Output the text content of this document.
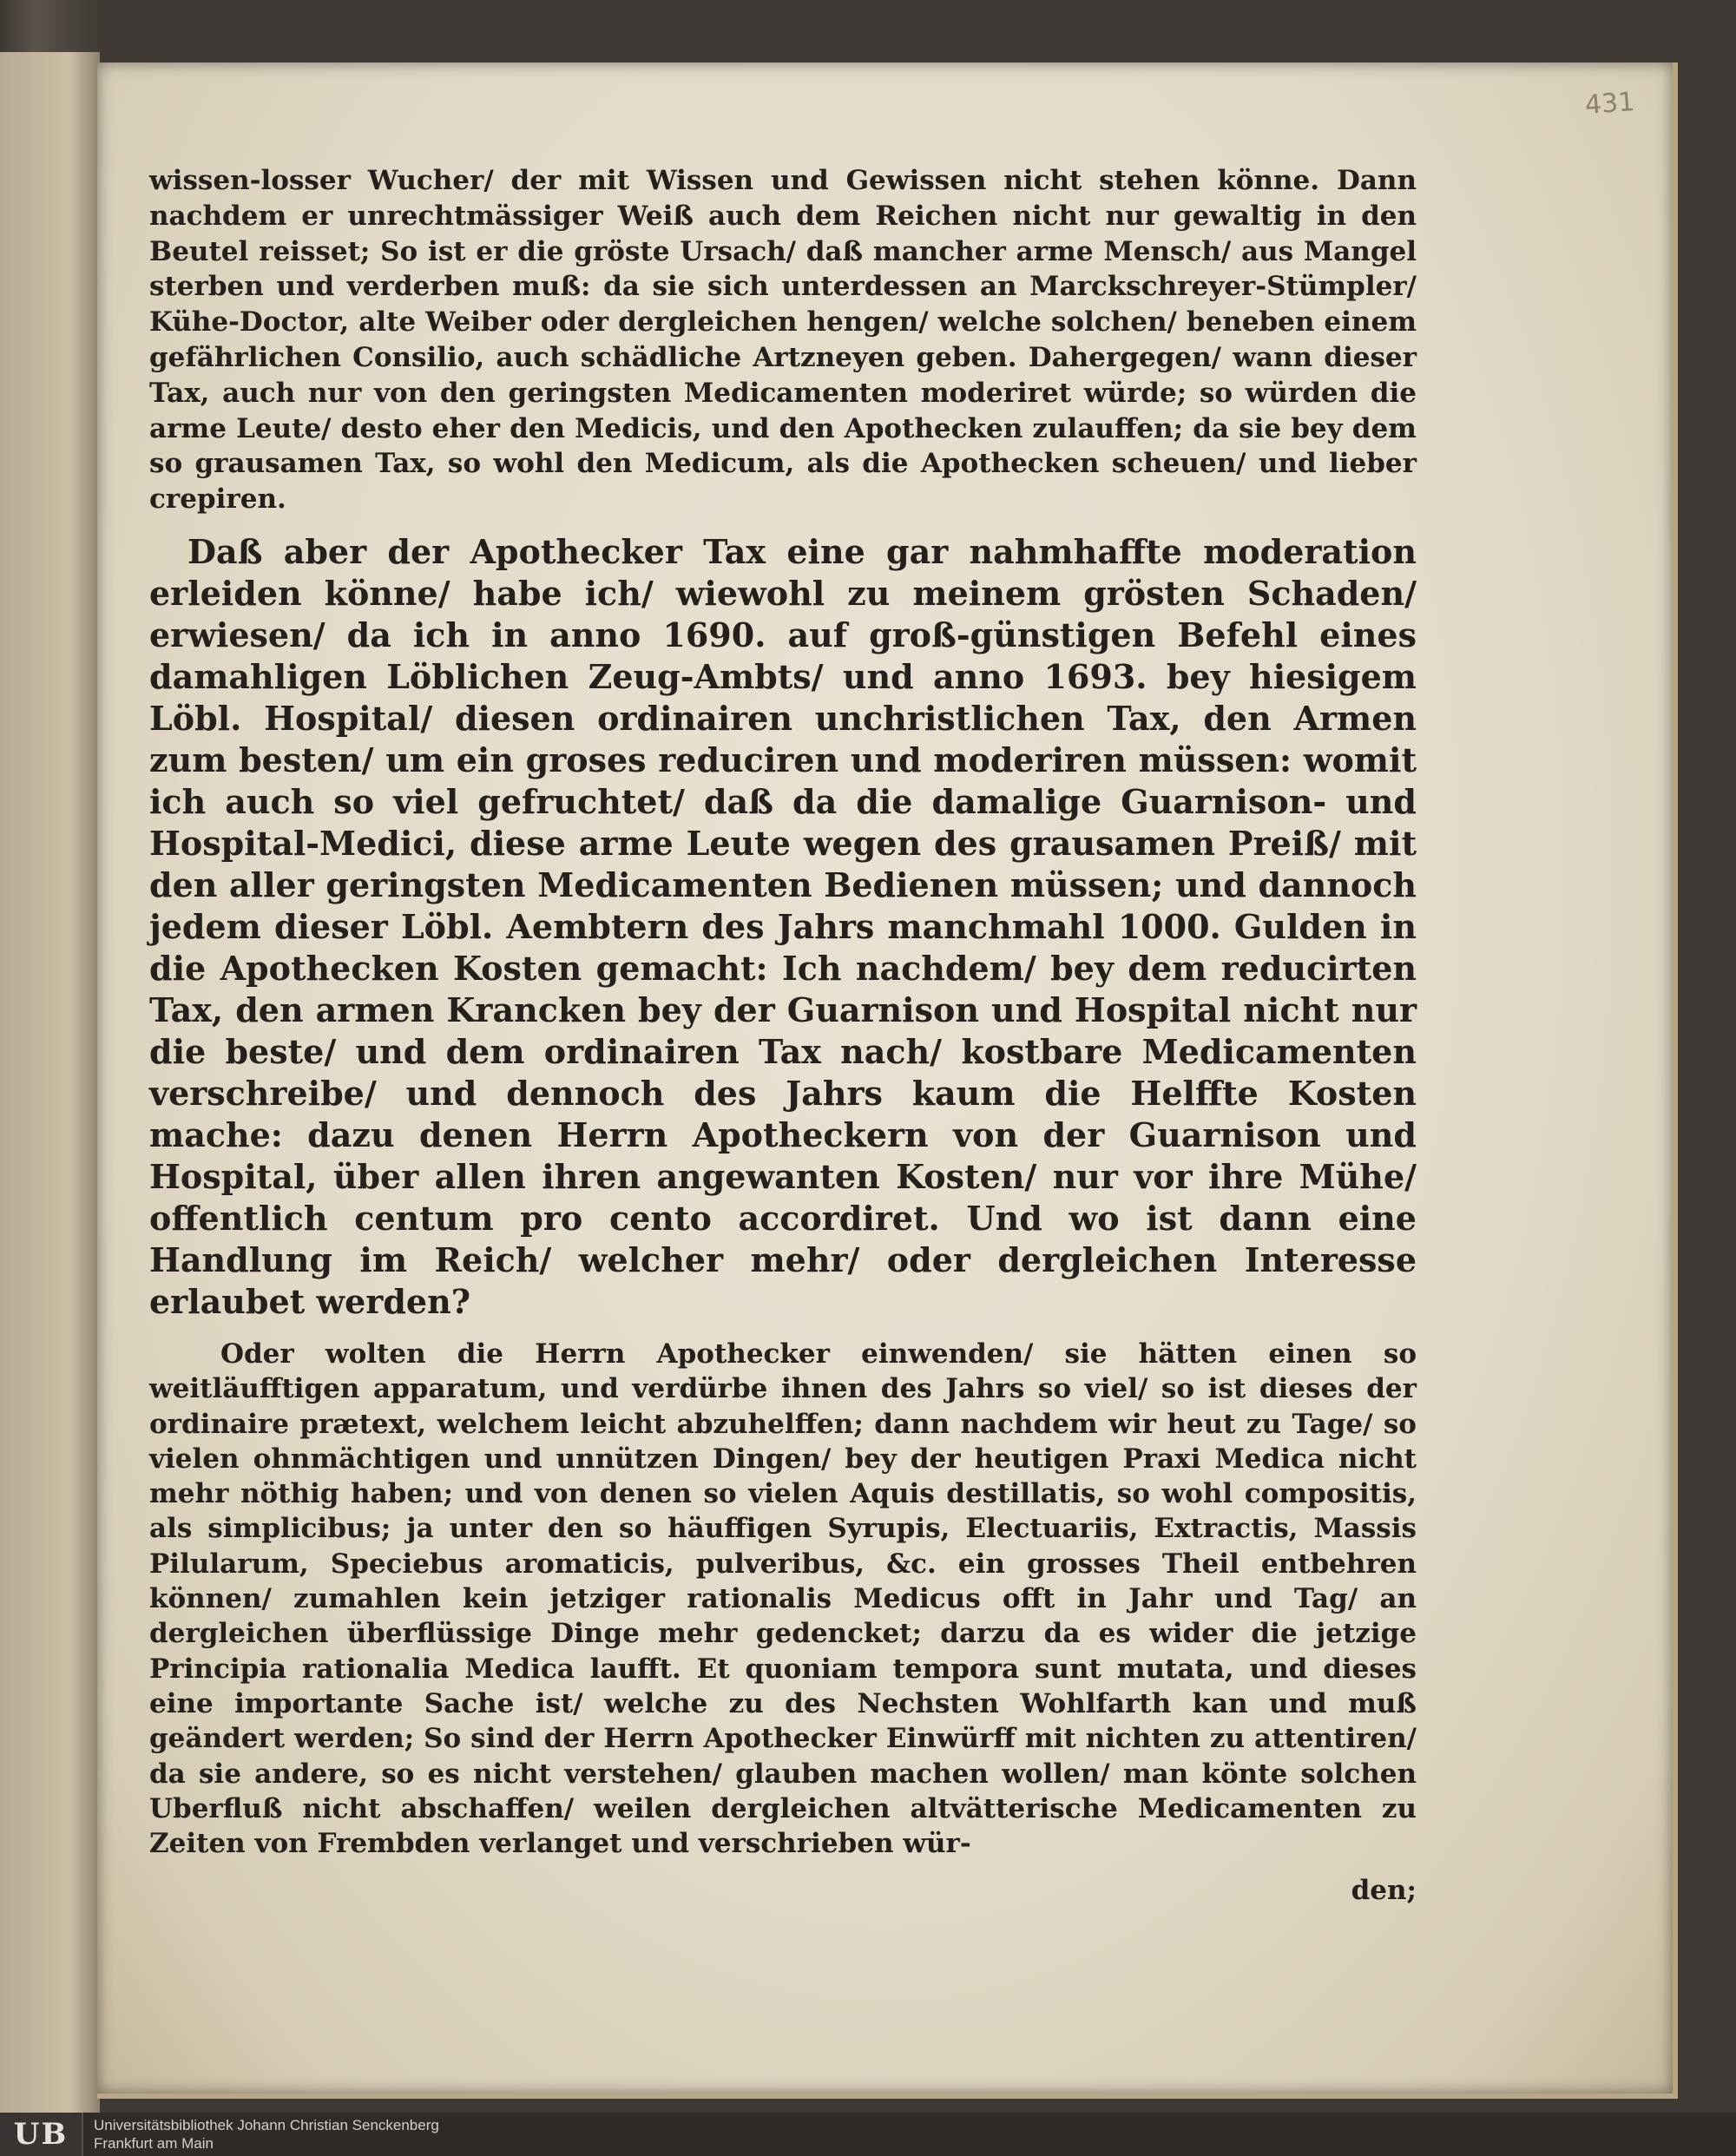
431

wissen-losser Wucher/ der mit Wissen und Gewissen nicht stehen könne. Dann nachdem er unrechtmässiger Weiß auch dem Reichen nicht nur gewaltig in den Beutel reisset; So ist er die gröste Ursach/ daß mancher arme Mensch/ aus Mangel sterben und verderben muß: da sie sich unterdessen an Marckschreyer-Stümpler/ Kühe-Doctor, alte Weiber oder dergleichen hengen/ welche solchen/ beneben einem gefährlichen Consilio, auch schädliche Artzneyen geben. Dahergegen/ wann dieser Tax, auch nur von den geringsten Medicamenten moderiret würde; so würden die arme Leute/ desto eher den Medicis, und den Apothecken zulauffen; da sie bey dem so grausamen Tax, so wohl den Medicum, als die Apothecken scheuen/ und lieber crepiren.

Daß aber der Apothecker Tax eine gar nahmhaffte moderation erleiden könne/ habe ich/ wiewohl zu meinem grösten Schaden/ erwiesen/ da ich in anno 1690. auf groß-günstigen Befehl eines damahligen Löblichen Zeug-Ambts/ und anno 1693. bey hiesigem Löbl. Hospital/ diesen ordinairen unchristlichen Tax, den Armen zum besten/ um ein groses reduciren und moderiren müssen: womit ich auch so viel gefruchtet/ daß da die damalige Guarnison- und Hospital-Medici, diese arme Leute wegen des grausamen Preiß/ mit den aller geringsten Medicamenten Bedienen müssen; und dannoch jedem dieser Löbl. Aembtern des Jahrs manchmahl 1000. Gulden in die Apothecken Kosten gemacht: Ich nachdem/ bey dem reducirten Tax, den armen Krancken bey der Guarnison und Hospital nicht nur die beste/ und dem ordinairen Tax nach/ kostbare Medicamenten verschreibe/ und dennoch des Jahrs kaum die Helffte Kosten mache: dazu denen Herrn Apotheckern von der Guarnison und Hospital, über allen ihren angewanten Kosten/ nur vor ihre Mühe/ offentlich centum pro cento accordiret. Und wo ist dann eine Handlung im Reich/ welcher mehr/ oder dergleichen Interesse erlaubet werden?

Oder wolten die Herrn Apothecker einwenden/ sie hätten einen so weitläufftigen apparatum, und verdürbe ihnen des Jahrs so viel/ so ist dieses der ordinaire prætext, welchem leicht abzuhelffen; dann nachdem wir heut zu Tage/ so vielen ohnmächtigen und unnützen Dingen/ bey der heutigen Praxi Medica nicht mehr nöthig haben; und von denen so vielen Aquis destillatis, so wohl compositis, als simplicibus; ja unter den so häuffigen Syrupis, Electuariis, Extractis, Massis Pilularum, Speciebus aromaticis, pulveribus, &c. ein grosses Theil entbehren können/ zumahlen kein jetziger rationalis Medicus offt in Jahr und Tag/ an dergleichen überflüssige Dinge mehr gedencket; darzu da es wider die jetzige Principia rationalia Medica laufft. Et quoniam tempora sunt mutata, und dieses eine importante Sache ist/ welche zu des Nechsten Wohlfarth kan und muß geändert werden; So sind der Herrn Apothecker Einwürff mit nichten zu attentiren/ da sie andere, so es nicht verstehen/ glauben machen wollen/ man könte solchen Uberfluß nicht abschaffen/ weilen dergleichen altvätterische Medicamenten zu Zeiten von Frembden verlanget und verschrieben wür-

den;
UB Universitätsbibliothek Johann Christian Senckenberg
Frankfurt am Main
